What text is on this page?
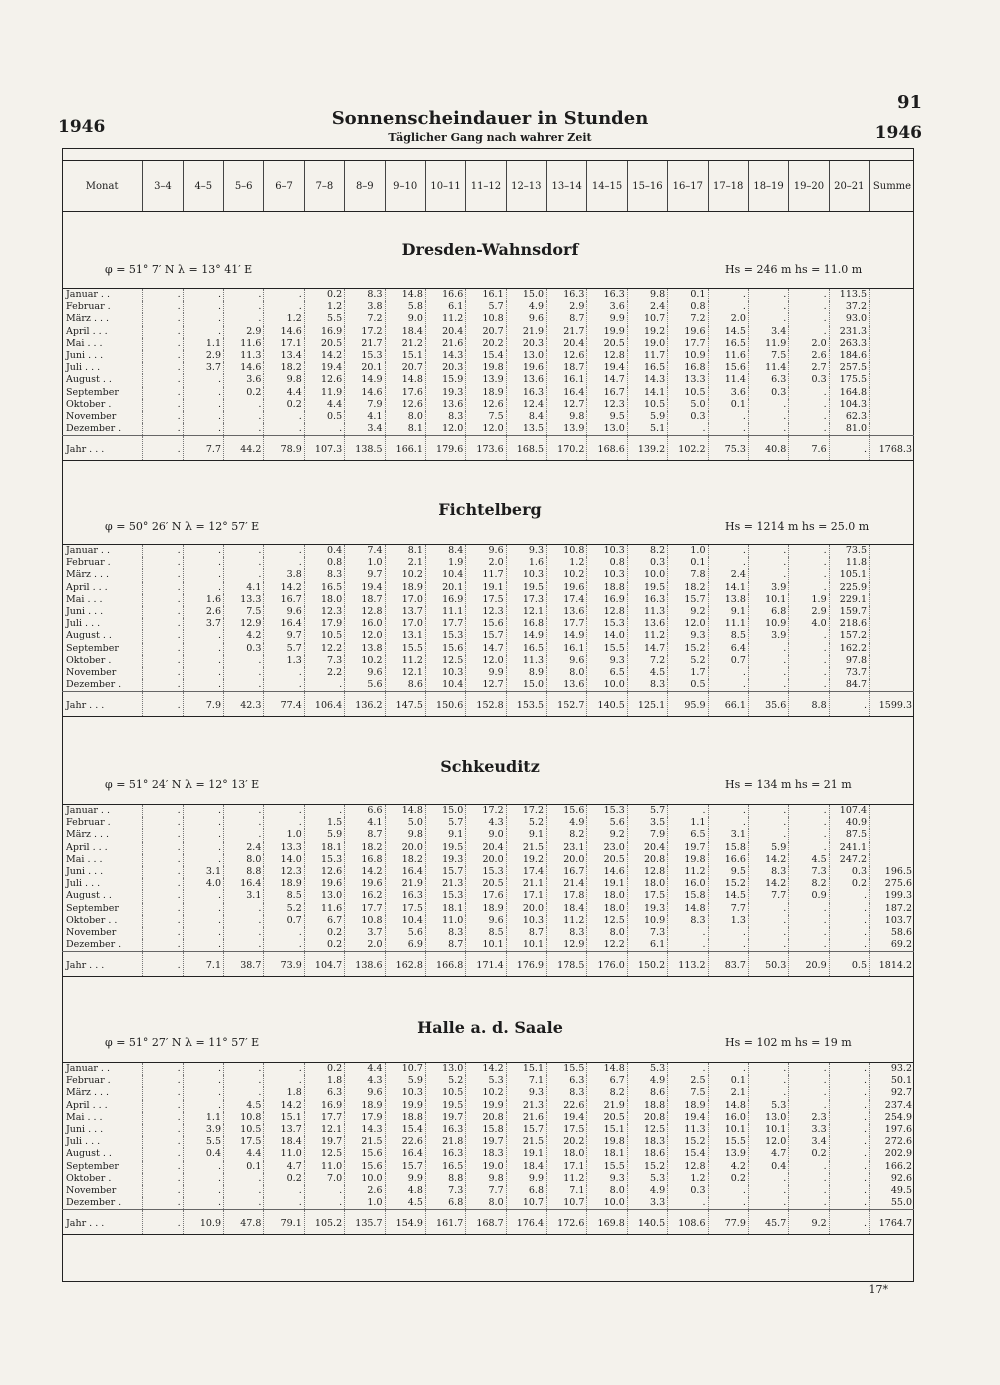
91
1946	1946
Sonnenscheindauer in Stunden
Täglicher Gang nach wahrer Zeit
Monat	3–4	4–5	5–6	6–7	7–8	8–9	9–10	10–11	11–12	12–13	13–14	14–15	15–16	16–17	17–18	18–19	19–20	20–21	Summe
Dresden-Wahnsdorf
φ = 51° 7′ N λ = 13° 41′ E	Hs = 246 m hs = 11.0 m
Januar . .	.	.	.	.	0.2	8.3	14.8	16.6	16.1	15.0	16.3	16.3	9.8	0.1	.	.	.	113.5	
Februar .	.	.	.	.	1.2	3.8	5.8	6.1	5.7	4.9	2.9	3.6	2.4	0.8	.	.	.	37.2	
März . . .	.	.	.	1.2	5.5	7.2	9.0	11.2	10.8	9.6	8.7	9.9	10.7	7.2	2.0	.	.	93.0	
April . . .	.	.	2.9	14.6	16.9	17.2	18.4	20.4	20.7	21.9	21.7	19.9	19.2	19.6	14.5	3.4	.	231.3	
Mai . . .	.	1.1	11.6	17.1	20.5	21.7	21.2	21.6	20.2	20.3	20.4	20.5	19.0	17.7	16.5	11.9	2.0	263.3	
Juni . . .	.	2.9	11.3	13.4	14.2	15.3	15.1	14.3	15.4	13.0	12.6	12.8	11.7	10.9	11.6	7.5	2.6	184.6	
Juli . . .	.	3.7	14.6	18.2	19.4	20.1	20.7	20.3	19.8	19.6	18.7	19.4	16.5	16.8	15.6	11.4	2.7	257.5	
August . .	.	.	3.6	9.8	12.6	14.9	14.8	15.9	13.9	13.6	16.1	14.7	14.3	13.3	11.4	6.3	0.3	175.5	
September	.	.	0.2	4.4	11.9	14.6	17.6	19.3	18.9	16.3	16.4	16.7	14.1	10.5	3.6	0.3	.	164.8	
Oktober .	.	.	.	0.2	4.4	7.9	12.6	13.6	12.6	12.4	12.7	12.3	10.5	5.0	0.1	.	.	104.3	
November	.	.	.	.	0.5	4.1	8.0	8.3	7.5	8.4	9.8	9.5	5.9	0.3	.	.	.	62.3	
Dezember .	.	.	.	.	.	3.4	8.1	12.0	12.0	13.5	13.9	13.0	5.1	.	.	.	.	81.0	
Jahr . . .	.	7.7	44.2	78.9	107.3	138.5	166.1	179.6	173.6	168.5	170.2	168.6	139.2	102.2	75.3	40.8	7.6	.	1768.3
Fichtelberg
φ = 50° 26′ N λ = 12° 57′ E	Hs = 1214 m hs = 25.0 m
Januar . .	.	.	.	.	0.4	7.4	8.1	8.4	9.6	9.3	10.8	10.3	8.2	1.0	.	.	.	73.5	
Februar .	.	.	.	.	0.8	1.0	2.1	1.9	2.0	1.6	1.2	0.8	0.3	0.1	.	.	.	11.8	
März . . .	.	.	.	3.8	8.3	9.7	10.2	10.4	11.7	10.3	10.2	10.3	10.0	7.8	2.4	.	.	105.1	
April . . .	.	.	4.1	14.2	16.5	19.4	18.9	20.1	19.1	19.5	19.6	18.8	19.5	18.2	14.1	3.9	.	225.9	
Mai . . .	.	1.6	13.3	16.7	18.0	18.7	17.0	16.9	17.5	17.3	17.4	16.9	16.3	15.7	13.8	10.1	1.9	229.1	
Juni . . .	.	2.6	7.5	9.6	12.3	12.8	13.7	11.1	12.3	12.1	13.6	12.8	11.3	9.2	9.1	6.8	2.9	159.7	
Juli . . .	.	3.7	12.9	16.4	17.9	16.0	17.0	17.7	15.6	16.8	17.7	15.3	13.6	12.0	11.1	10.9	4.0	218.6	
August . .	.	.	4.2	9.7	10.5	12.0	13.1	15.3	15.7	14.9	14.9	14.0	11.2	9.3	8.5	3.9	.	157.2	
September	.	.	0.3	5.7	12.2	13.8	15.5	15.6	14.7	16.5	16.1	15.5	14.7	15.2	6.4	.	.	162.2	
Oktober .	.	.	.	1.3	7.3	10.2	11.2	12.5	12.0	11.3	9.6	9.3	7.2	5.2	0.7	.	.	97.8	
November	.	.	.	.	2.2	9.6	12.1	10.3	9.9	8.9	8.0	6.5	4.5	1.7	.	.	.	73.7	
Dezember .	.	.	.	.	.	5.6	8.6	10.4	12.7	15.0	13.6	10.0	8.3	0.5	.	.	.	84.7	
Jahr . . .	.	7.9	42.3	77.4	106.4	136.2	147.5	150.6	152.8	153.5	152.7	140.5	125.1	95.9	66.1	35.6	8.8	.	1599.3
Schkeuditz
φ = 51° 24′ N λ = 12° 13′ E	Hs = 134 m hs = 21 m
Januar . .	.	.	.	.	.	6.6	14.8	15.0	17.2	17.2	15.6	15.3	5.7	.	.	.	.	107.4	
Februar .	.	.	.	.	1.5	4.1	5.0	5.7	4.3	5.2	4.9	5.6	3.5	1.1	.	.	.	40.9	
März . . .	.	.	.	1.0	5.9	8.7	9.8	9.1	9.0	9.1	8.2	9.2	7.9	6.5	3.1	.	.	87.5	
April . . .	.	.	2.4	13.3	18.1	18.2	20.0	19.5	20.4	21.5	23.1	23.0	20.4	19.7	15.8	5.9	.	241.1	
Mai . . .	.	.	8.0	14.0	15.3	16.8	18.2	19.3	20.0	19.2	20.0	20.5	20.8	19.8	16.6	14.2	4.5	247.2	
Juni . . .	.	3.1	8.8	12.3	12.6	14.2	16.4	15.7	15.3	17.4	16.7	14.6	12.8	11.2	9.5	8.3	7.3	0.3	196.5
Juli . . .	.	4.0	16.4	18.9	19.6	19.6	21.9	21.3	20.5	21.1	21.4	19.1	18.0	16.0	15.2	14.2	8.2	0.2	275.6
August . .	.	.	3.1	8.5	13.0	16.2	16.3	15.3	17.6	17.1	17.8	18.0	17.5	15.8	14.5	7.7	0.9	.	199.3
September	.	.	.	5.2	11.6	17.7	17.5	18.1	18.9	20.0	18.4	18.0	19.3	14.8	7.7	.	.	.	187.2
Oktober . .	.	.	.	0.7	6.7	10.8	10.4	11.0	9.6	10.3	11.2	12.5	10.9	8.3	1.3	.	.	.	103.7
November	.	.	.	.	0.2	3.7	5.6	8.3	8.5	8.7	8.3	8.0	7.3	.	.	.	.	.	58.6
Dezember .	.	.	.	.	0.2	2.0	6.9	8.7	10.1	10.1	12.9	12.2	6.1	.	.	.	.	.	69.2
Jahr . . .	.	7.1	38.7	73.9	104.7	138.6	162.8	166.8	171.4	176.9	178.5	176.0	150.2	113.2	83.7	50.3	20.9	0.5	1814.2
Halle a. d. Saale
φ = 51° 27′ N λ = 11° 57′ E	Hs = 102 m hs = 19 m
Januar . .	.	.	.	.	0.2	4.4	10.7	13.0	14.2	15.1	15.5	14.8	5.3	.	.	.	.	.	93.2
Februar .	.	.	.	.	1.8	4.3	5.9	5.2	5.3	7.1	6.3	6.7	4.9	2.5	0.1	.	.	.	50.1
März . . .	.	.	.	1.8	6.3	9.6	10.3	10.5	10.2	9.3	8.3	8.2	8.6	7.5	2.1	.	.	.	92.7
April . . .	.	.	4.5	14.2	16.9	18.9	19.9	19.5	19.9	21.3	22.6	21.9	18.8	18.9	14.8	5.3	.	.	237.4
Mai . . .	.	1.1	10.8	15.1	17.7	17.9	18.8	19.7	20.8	21.6	19.4	20.5	20.8	19.4	16.0	13.0	2.3	.	254.9
Juni . . .	.	3.9	10.5	13.7	12.1	14.3	15.4	16.3	15.8	15.7	17.5	15.1	12.5	11.3	10.1	10.1	3.3	.	197.6
Juli . . .	.	5.5	17.5	18.4	19.7	21.5	22.6	21.8	19.7	21.5	20.2	19.8	18.3	15.2	15.5	12.0	3.4	.	272.6
August . .	.	0.4	4.4	11.0	12.5	15.6	16.4	16.3	18.3	19.1	18.0	18.1	18.6	15.4	13.9	4.7	0.2	.	202.9
September	.	.	0.1	4.7	11.0	15.6	15.7	16.5	19.0	18.4	17.1	15.5	15.2	12.8	4.2	0.4	.	.	166.2
Oktober .	.	.	.	0.2	7.0	10.0	9.9	8.8	9.8	9.9	11.2	9.3	5.3	1.2	0.2	.	.	.	92.6
November	.	.	.	.	.	2.6	4.8	7.3	7.7	6.8	7.1	8.0	4.9	0.3	.	.	.	.	49.5
Dezember .	.	.	.	.	.	1.0	4.5	6.8	8.0	10.7	10.7	10.0	3.3	.	.	.	.	.	55.0
Jahr . . .	.	10.9	47.8	79.1	105.2	135.7	154.9	161.7	168.7	176.4	172.6	169.8	140.5	108.6	77.9	45.7	9.2	.	1764.7
17*
